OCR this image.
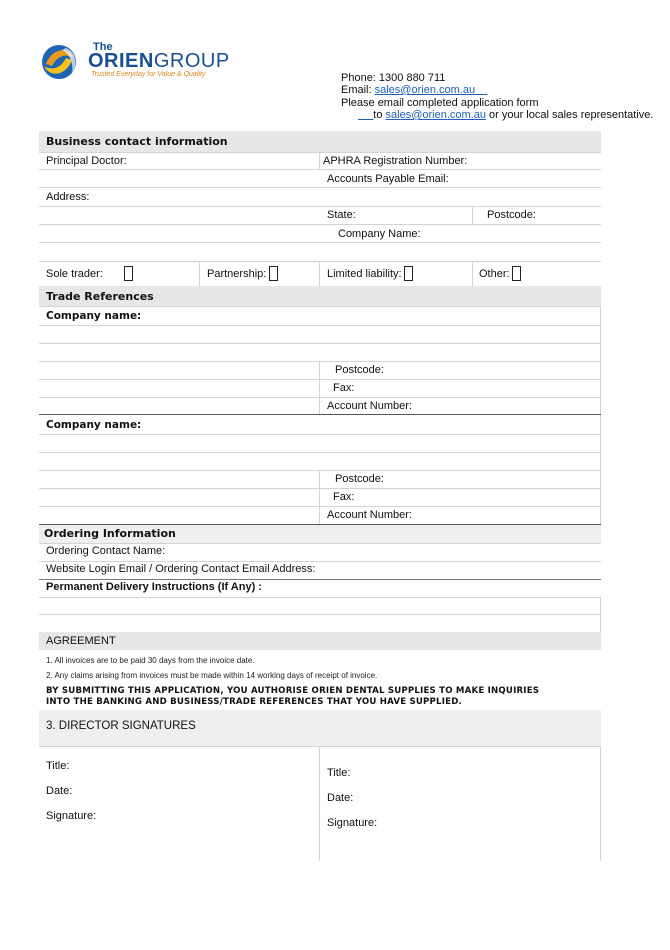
The
ORIENGROUP
Trusted Everyday for Value & Quality	Phone: 1300 880 711
Email: sales@orien.com.au
Please email completed application form
to sales@orien.com.au or your local sales representative.
Business contact information
Principal Doctor:	APHRA Registration Number:
Accounts Payable Email:
Address:
State:	Postcode:
Company Name:
Sole trader:	Partnership:	Limited liability:	Other:
Trade References
Company name:
Postcode:
Fax:
Account Number:
Company name:
Postcode:
Fax:
Account Number:
Ordering Information
Ordering Contact Name:
Website Login Email / Ordering Contact Email Address:
Permanent Delivery Instructions (If Any) :
AGREEMENT
1. All invoices are to be paid 30 days from the invoice date.
2. Any claims arising from invoices must be made within 14 working days of receipt of invoice.
BY SUBMITTING THIS APPLICATION, YOU AUTHORISE ORIEN DENTAL SUPPLIES TO MAKE INQUIRIES
INTO THE BANKING AND BUSINESS/TRADE REFERENCES THAT YOU HAVE SUPPLIED.
3. DIRECTOR SIGNATURES
Title:
Date:
Signature:
Title:
Date:
Signature:
